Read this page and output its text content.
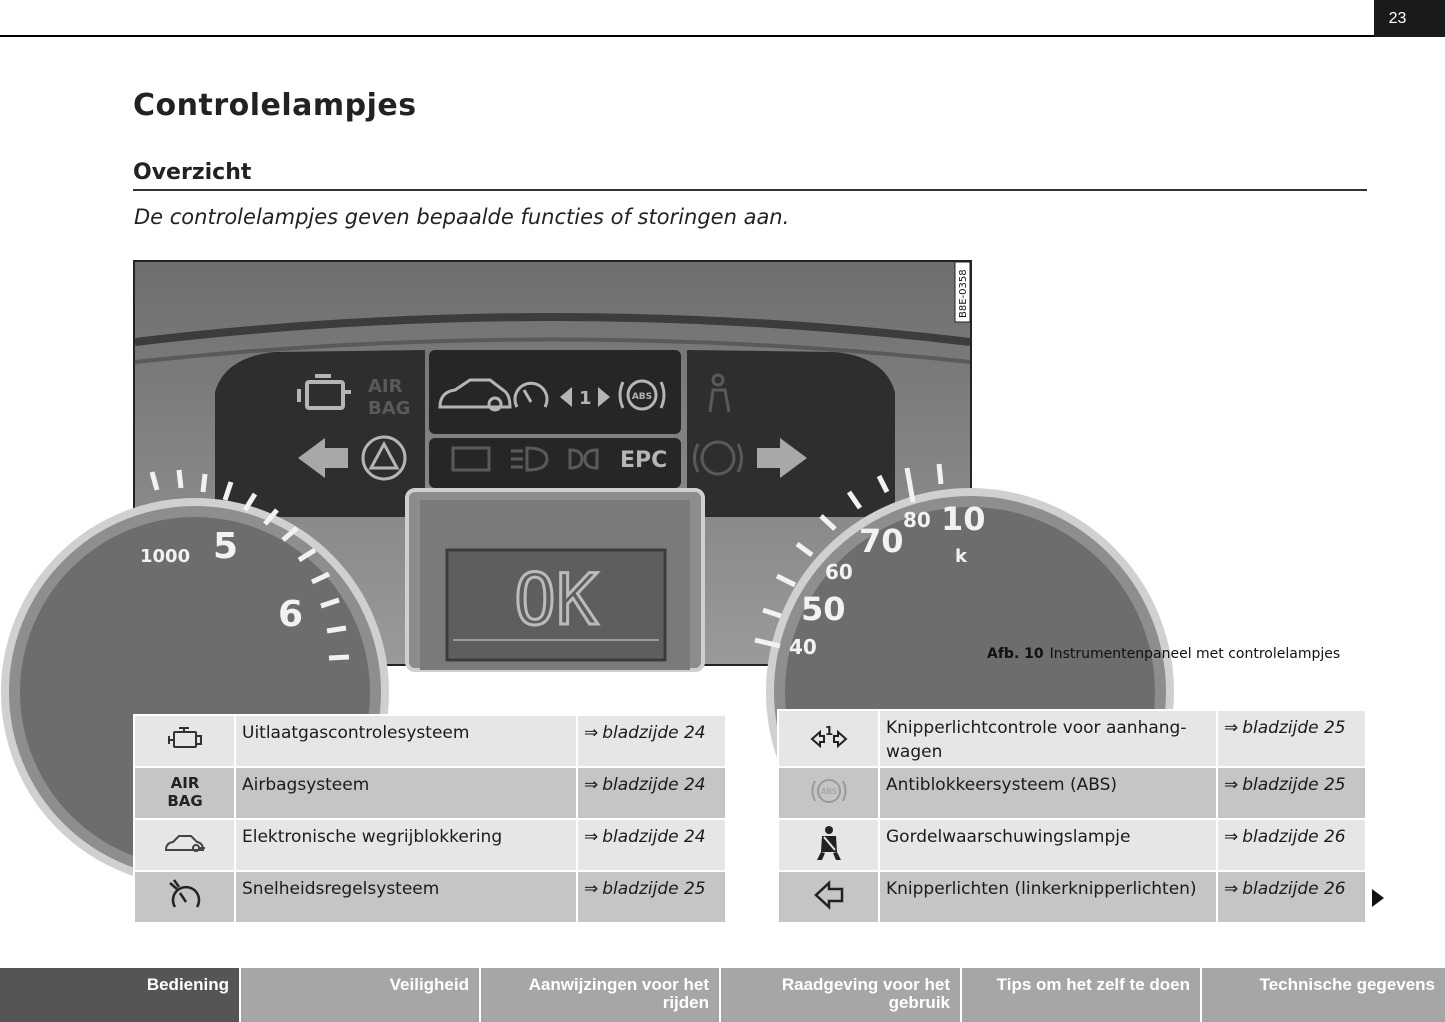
23
Controlelampjes
Overzicht

De controlelampjes geven bepaalde functies of storingen aan.

OK
1000 5
6
40
50
60
70
80 10
k
AIR
BAG	1	ABS
EPC
B8E-0358
Afb. 10 Instrumentenpaneel met controlelampjes
	Uitlaatgascontrolesysteem	⇒ bladzijde 24

AIR
BAG	Airbagsysteem	⇒ bladzijde 24
	Elektronische wegrijblokkering	⇒ bladzijde 24
	Snelheidsregelsysteem	⇒ bladzijde 25
1	Knipperlichtcontrole voor aanhang-wagen	⇒ bladzijde 25

ABS	Antiblokkeersysteem (ABS)	⇒ bladzijde 25
	Gordelwaarschuwingslampje	⇒ bladzijde 26
	Knipperlichten (linkerknipperlichten)	⇒ bladzijde 26
Bediening	Veiligheid	Aanwijzingen voor het rijden
Raadgeving voor het gebruik
Tips om het zelf te doen	Technische gegevens
